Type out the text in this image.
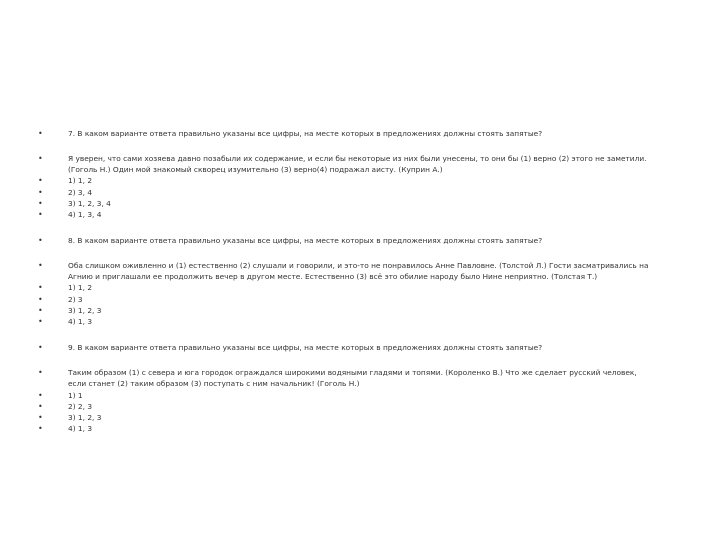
• 7. В каком варианте ответа правильно указаны все цифры, на месте которых в предложениях должны стоять запятые?
• Я уверен, что сами хозяева давно позабыли их содержание, и если бы некоторые из них были унесены, то они бы (1) верно (2) этого не заметили. (Гоголь Н.) Один мой знакомый скворец изумительно (3) верно(4) подражал аисту. (Куприн А.)
• 1) 1, 2
• 2) 3, 4
• 3) 1, 2, 3, 4
• 4) 1, 3, 4
• 8. В каком варианте ответа правильно указаны все цифры, на месте которых в предложениях должны стоять запятые?
• Оба слишком оживленно и (1) естественно (2) слушали и говорили, и это-то не понравилось Анне Павловне. (Толстой Л.) Гости засматривались на Агнию и приглашали ее продолжить вечер в другом месте. Естественно (3) всё это обилие народу было Нине неприятно. (Толстая Т.)
• 1) 1, 2
• 2) 3
• 3) 1, 2, 3
• 4) 1, 3
• 9. В каком варианте ответа правильно указаны все цифры, на месте которых в предложениях должны стоять запятые?
• Таким образом (1) с севера и юга городок ограждался широкими водяными гладями и топями. (Короленко В.) Что же сделает русский человек, если станет (2) таким образом (3) поступать с ним начальник! (Гоголь Н.)
• 1) 1
• 2) 2, 3
• 3) 1, 2, 3
• 4) 1, 3
